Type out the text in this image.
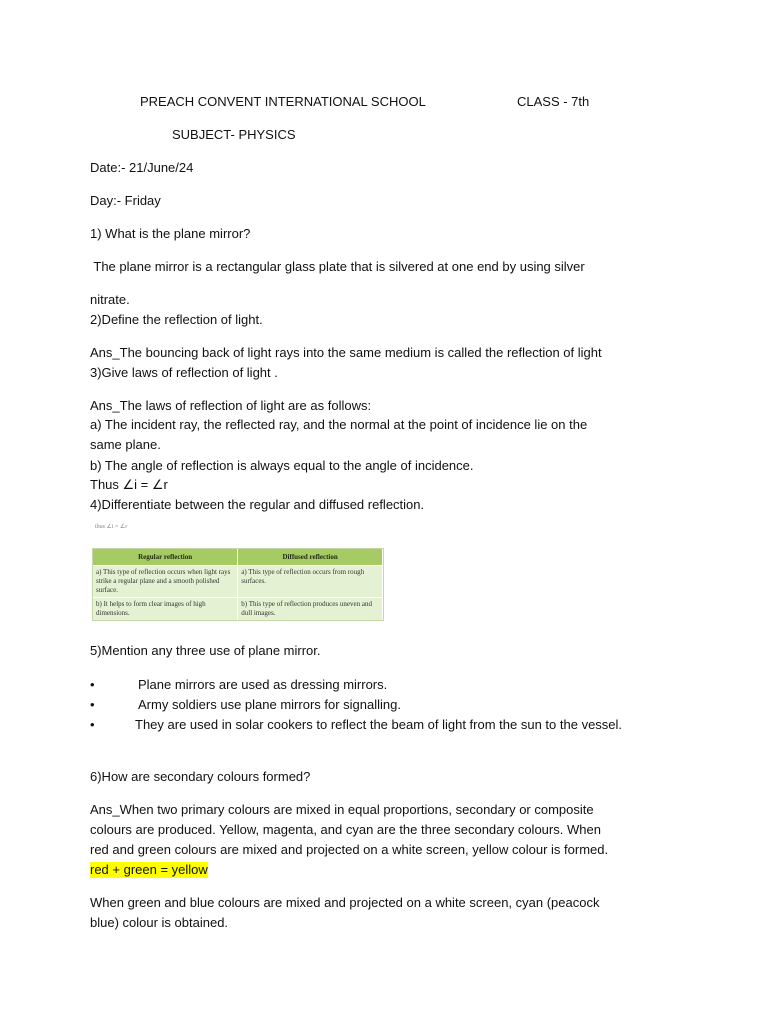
PREACH CONVENT INTERNATIONAL SCHOOL	CLASS - 7th
SUBJECT- PHYSICS
Date:- 21/June/24
Day:- Friday
1) What is the plane mirror?
The plane mirror is a rectangular glass plate that is silvered at one end by using silver
nitrate.
2)Define the reflection of light.
Ans_The bouncing back of light rays into the same medium is called the reflection of light
3)Give laws of reflection of light .
Ans_The laws of reflection of light are as follows:
a) The incident ray, the reflected ray, and the normal at the point of incidence lie on the
same plane.
b) The angle of reflection is always equal to the angle of incidence.
Thus ∠i = ∠r
4)Differentiate between the regular and diffused reflection.
thus ∠i = ∠r
Regular reflection	Diffused reflection
a) This type of reflection occurs when light rays strike a regular plane and a smooth polished surface.	a) This type of reflection occurs from rough surfaces.
b) It helps to form clear images of high dimensions.	b) This type of reflection produces uneven and dull images.
5)Mention any three use of plane mirror.
•	Plane mirrors are used as dressing mirrors.
•	Army soldiers use plane mirrors for signalling.
•	They are used in solar cookers to reflect the beam of light from the sun to the vessel.
6)How are secondary colours formed?
Ans_When two primary colours are mixed in equal proportions, secondary or composite
colours are produced. Yellow, magenta, and cyan are the three secondary colours. When
red and green colours are mixed and projected on a white screen, yellow colour is formed.
red + green = yellow
When green and blue colours are mixed and projected on a white screen, cyan (peacock
blue) colour is obtained.
